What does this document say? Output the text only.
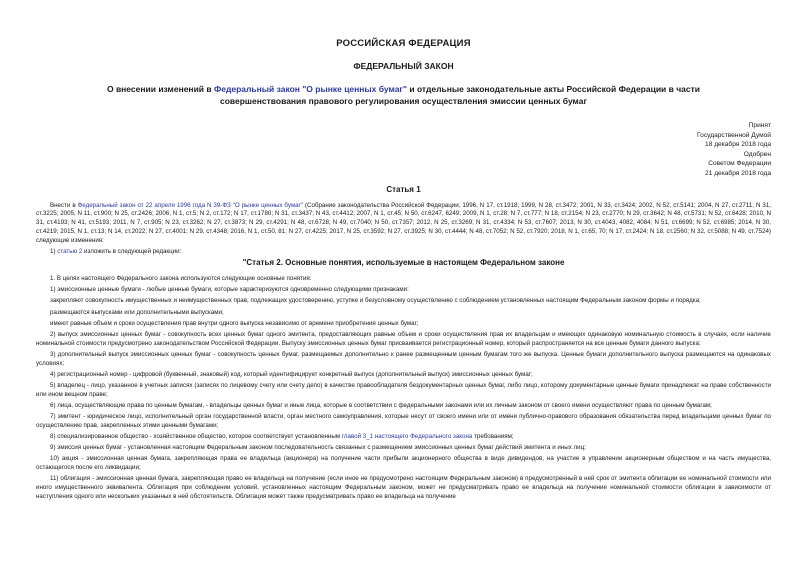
РОССИЙСКАЯ ФЕДЕРАЦИЯ
ФЕДЕРАЛЬНЫЙ ЗАКОН
О внесении изменений в Федеральный закон "О рынке ценных бумаг" и отдельные законодательные акты Российской Федерации в части совершенствования правового регулирования осуществления эмиссии ценных бумаг
Принят
Государственной Думой
18 декабря 2018 года
Одобрен
Советом Федерации
21 декабря 2018 года
Статья 1

Внести в Федеральный закон от 22 апреля 1996 года N 39-ФЗ "О рынке ценных бумаг" (Собрание законодательства Российской Федерации, 1996, N 17, ст.1918; 1999, N 28, ст.3472; 2001, N 33, ст.3424; 2002, N 52, ст.5141; 2004, N 27, ст.2711; N 31, ст.3225; 2005, N 11, ст.900; N 25, ст.2426; 2006, N 1, ст.5; N 2, ст.172; N 17, ст.1780; N 31, ст.3437; N 43, ст.4412; 2007, N 1, ст.45; N 50, ст.6247, 6249; 2009, N 1, ст.28; N 7, ст.777; N 18, ст.2154; N 23, ст.2770; N 29, ст.3642; N 48, ст.5731; N 52, ст.6428; 2010, N 31, ст.4193; N 41, ст.5193; 2011, N 7, ст.905; N 23, ст.3262; N 27, ст.3873; N 29, ст.4291; N 48, ст.6728; N 49, ст.7040; N 50, ст.7357; 2012, N 25, ст.3269; N 31, ст.4334; N 53, ст.7607; 2013, N 30, ст.4043, 4082, 4084; N 51, ст.6699; N 52, ст.6985; 2014, N 30, ст.4219; 2015, N 1, ст.13; N 14, ст.2022; N 27, ст.4001; N 29, ст.4348; 2016, N 1, ст.50, 81; N 27, ст.4225; 2017, N 25, ст.3592; N 27, ст.3925; N 30, ст.4444; N 48, ст.7052; N 52, ст.7920; 2018, N 1, ст.65, 70; N 17, ст.2424; N 18, ст.2560; N 32, ст.5088; N 49, ст.7524) следующие изменения:

1) статью 2 изложить в следующей редакции:

"Статья 2. Основные понятия, используемые в настоящем Федеральном законе

1. В целях настоящего Федерального закона используются следующие основные понятия:

1) эмиссионные ценные бумаги - любые ценные бумаги, которые характеризуются одновременно следующими признаками:

закрепляют совокупность имущественных и неимущественных прав, подлежащих удостоверению, уступке и безусловному осуществлению с соблюдением установленных настоящим Федеральным законом формы и порядка;

размещаются выпусками или дополнительными выпусками;

имеют равные объем и сроки осуществления прав внутри одного выпуска независимо от времени приобретения ценных бумаг;

2) выпуск эмиссионных ценных бумаг - совокупность всех ценных бумаг одного эмитента, предоставляющих равные объем и сроки осуществления прав их владельцам и имеющих одинаковую номинальную стоимость в случаях, если наличие номинальной стоимости предусмотрено законодательством Российской Федерации. Выпуску эмиссионных ценных бумаг присваивается регистрационный номер, который распространяется на все ценные бумаги данного выпуска;

3) дополнительный выпуск эмиссионных ценных бумаг - совокупность ценных бумаг, размещаемых дополнительно к ранее размещенным ценным бумагам того же выпуска. Ценные бумаги дополнительного выпуска размещаются на одинаковых условиях;

4) регистрационный номер - цифровой (буквенный, знаковый) код, который идентифицирует конкретный выпуск (дополнительный выпуск) эмиссионных ценных бумаг;

5) владелец - лицо, указанное в учетных записях (записях по лицевому счету или счету депо) в качестве правообладателя бездокументарных ценных бумаг, либо лицо, которому документарные ценные бумаги принадлежат на праве собственности или ином вещном праве;

6) лица, осуществляющие права по ценным бумагам, - владельцы ценных бумаг и иные лица, которые в соответствии с федеральными законами или их личным законом от своего имени осуществляют права по ценным бумагам;

7) эмитент - юридическое лицо, исполнительный орган государственной власти, орган местного самоуправления, которые несут от своего имени или от имени публично-правового образования обязательства перед владельцами ценных бумаг по осуществлению прав, закрепленных этими ценными бумагами;

8) специализированное общество - хозяйственное общество, которое соответствует установленным главой 3_1 настоящего Федерального закона требованиям;

9) эмиссия ценных бумаг - установленная настоящим Федеральным законом последовательность связанных с размещением эмиссионных ценных бумаг действий эмитента и иных лиц;

10) акция - эмиссионная ценная бумага, закрепляющая права ее владельца (акционера) на получение части прибыли акционерного общества в виде дивидендов, на участие в управлении акционерным обществом и на часть имущества, остающегося после его ликвидации;

11) облигация - эмиссионная ценная бумага, закрепляющая право ее владельца на получение (если иное не предусмотрено настоящим Федеральным законом) в предусмотренный в ней срок от эмитента облигации ее номинальной стоимости или иного имущественного эквивалента. Облигация при соблюдении условий, установленных настоящим Федеральным законом, может не предусматривать право ее владельца на получение номинальной стоимости облигации в зависимости от наступления одного или нескольких указанных в ней обстоятельств. Облигация может также предусматривать право ее владельца на получение
